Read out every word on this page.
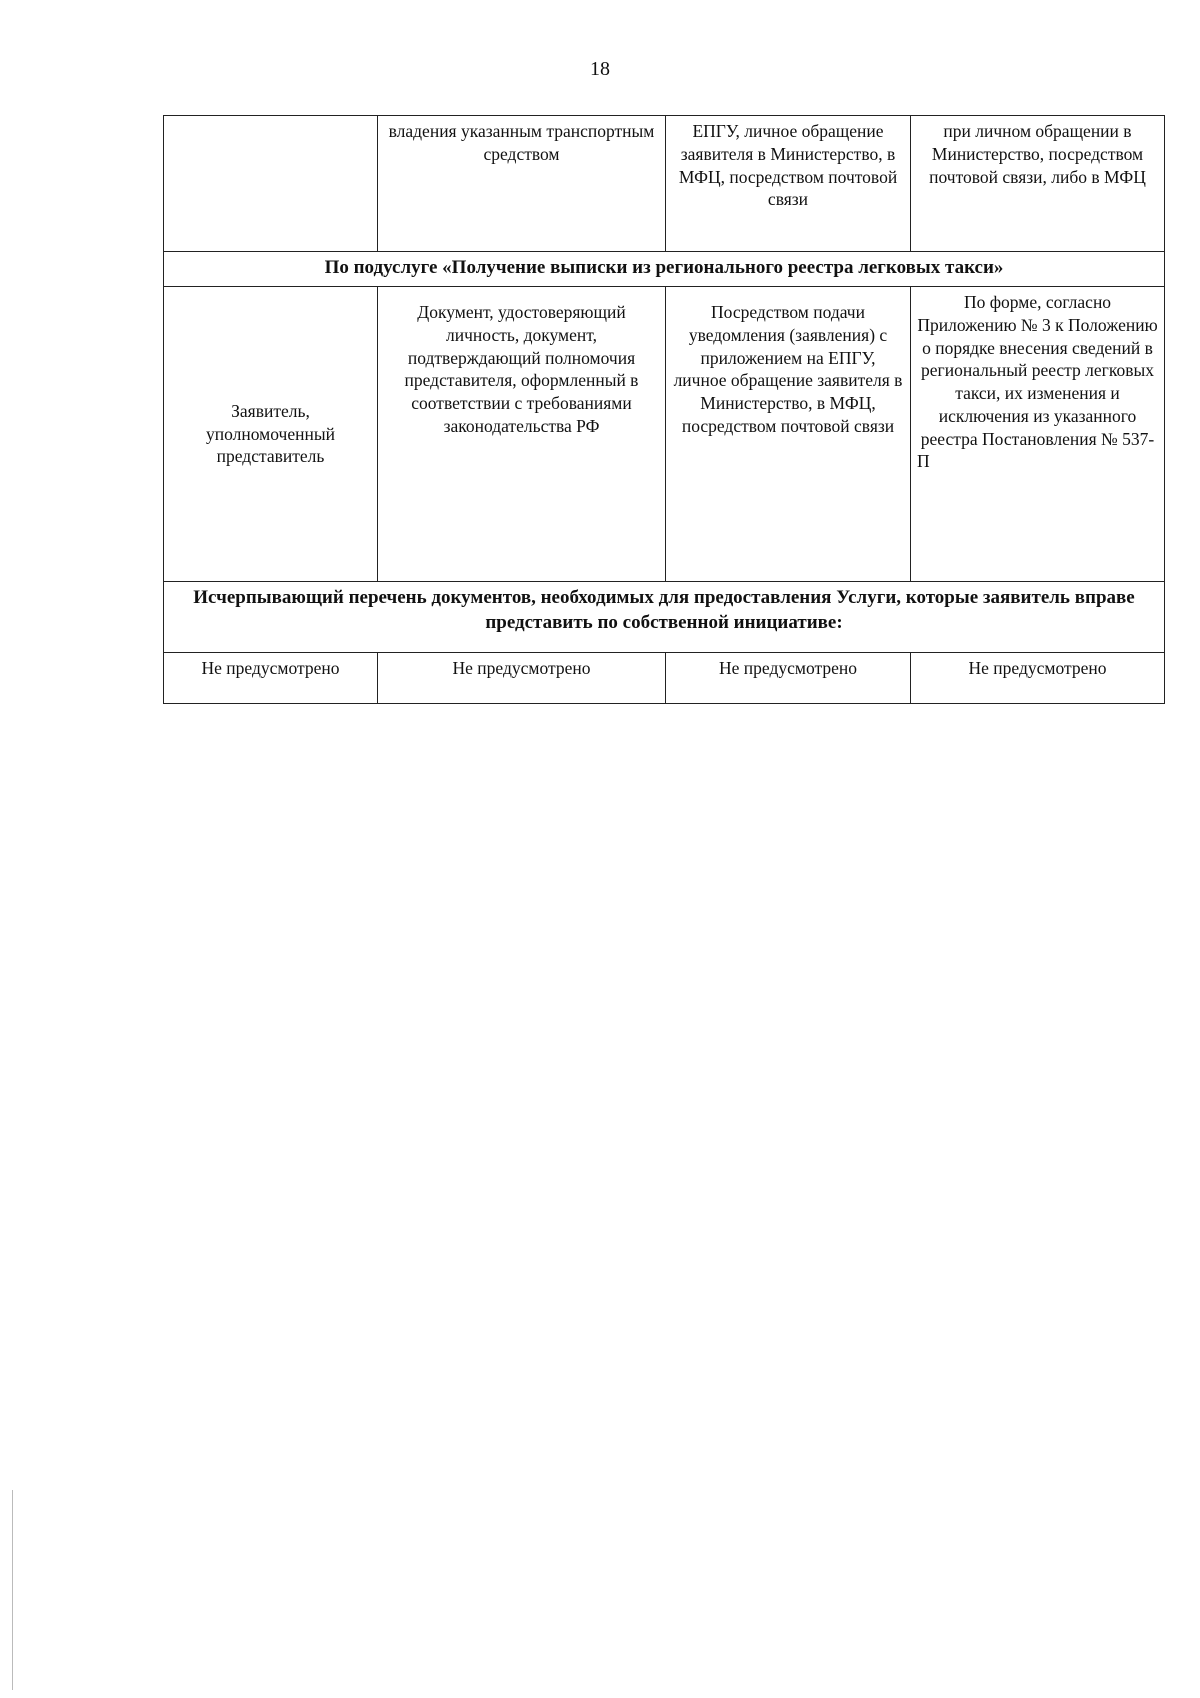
18
	владения указанным транспортным средством	ЕПГУ, личное обращение заявителя в Министерство, в МФЦ, посредством почтовой связи	при личном обращении в Министерство, посредством почтовой связи, либо в МФЦ
По подуслуге «Получение выписки из регионального реестра легковых такси»			
Заявитель, уполномоченный представитель	Документ, удостоверяющий личность, документ, подтверждающий полномочия представителя, оформленный в соответствии с требованиями законодательства РФ	Посредством подачи уведомления (заявления) с приложением на ЕПГУ, личное обращение заявителя в Министерство, в МФЦ, посредством почтовой связи	По форме, согласно Приложению № 3 к Положению о порядке внесения сведений в региональный реестр легковых такси, их изменения и исключения из указанного реестра Постановления № 537-П
Исчерпывающий перечень документов, необходимых для предоставления Услуги, которые заявитель вправе представить по собственной инициативе:			
Не предусмотрено	Не предусмотрено	Не предусмотрено	Не предусмотрено
